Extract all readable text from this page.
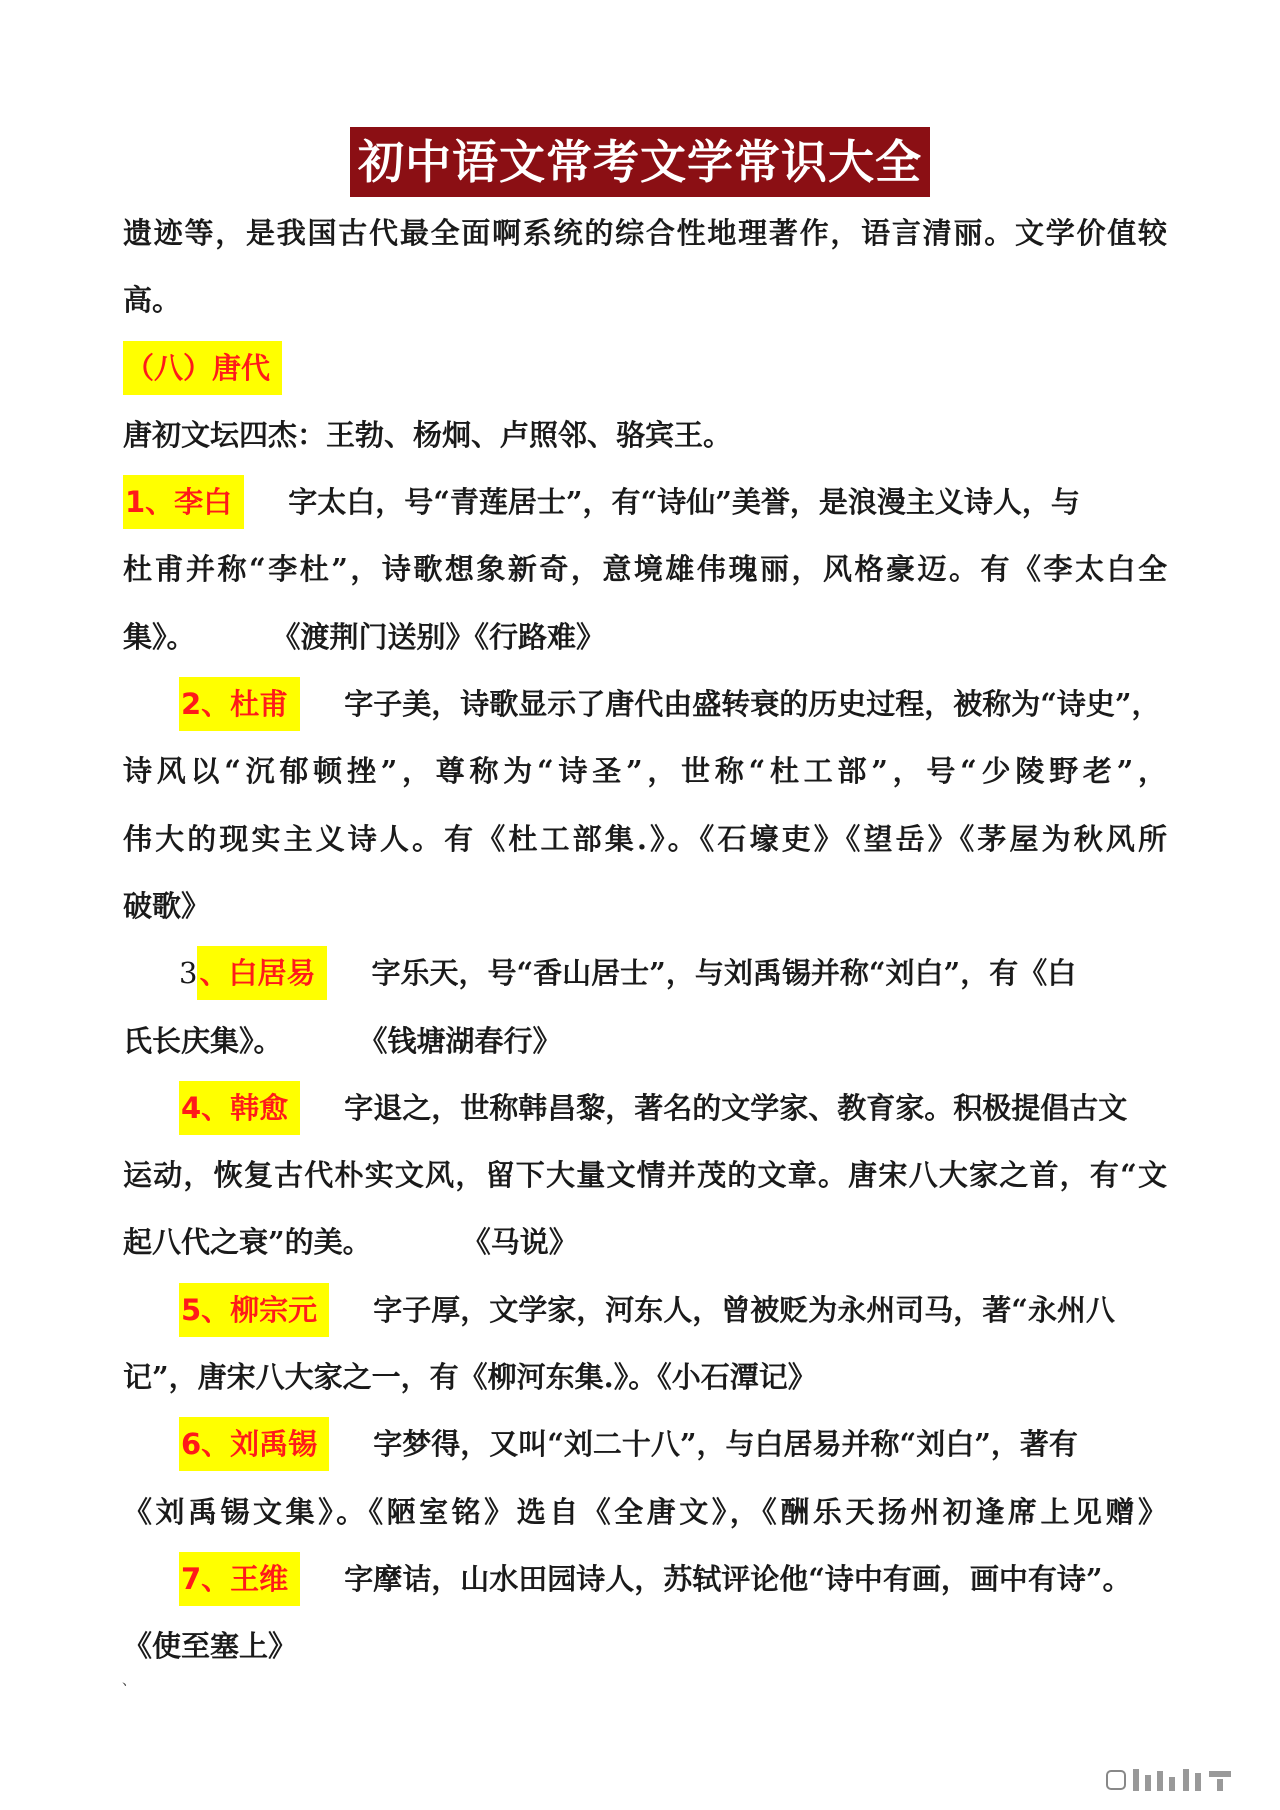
初中语文常考文学常识大全
遗迹等，是我国古代最全面啊系统的综合性地理著作，语言清丽。文学价值较
高。
（八）唐代
唐初文坛四杰：王勃、杨炯、卢照邻、骆宾王。
1、李白 字太白，号“青莲居士”，有“诗仙”美誉，是浪漫主义诗人，与
杜甫并称“李杜”，诗歌想象新奇，意境雄伟瑰丽，风格豪迈。有《李太白全
集》。	《渡荆门送别》《行路难》
2、杜甫 字子美，诗歌显示了唐代由盛转衰的历史过程，被称为“诗史”，
诗风以“沉郁顿挫”，尊称为“诗圣”，世称“杜工部”，号“少陵野老”，
伟大的现实主义诗人。有《杜工部集.》。《石壕吏》《望岳》《茅屋为秋风所
破歌》
3、白居易 字乐天，号“香山居士”，与刘禹锡并称“刘白”，有《白
氏长庆集》。	《钱塘湖春行》
4、韩愈 字退之，世称韩昌黎，著名的文学家、教育家。积极提倡古文
运动，恢复古代朴实文风，留下大量文情并茂的文章。唐宋八大家之首，有“文
起八代之衰”的美。	《马说》
5、柳宗元 字子厚，文学家，河东人，曾被贬为永州司马，著“永州八
记”，唐宋八大家之一，有《柳河东集.》。《小石潭记》
6、刘禹锡 字梦得，又叫“刘二十八”，与白居易并称“刘白”，著有
《刘禹锡文集》。《陋室铭》选自《全唐文》，《酬乐天扬州初逢席上见赠》
7、王维 字摩诘，山水田园诗人，苏轼评论他“诗中有画，画中有诗”。
《使至塞上》
、
